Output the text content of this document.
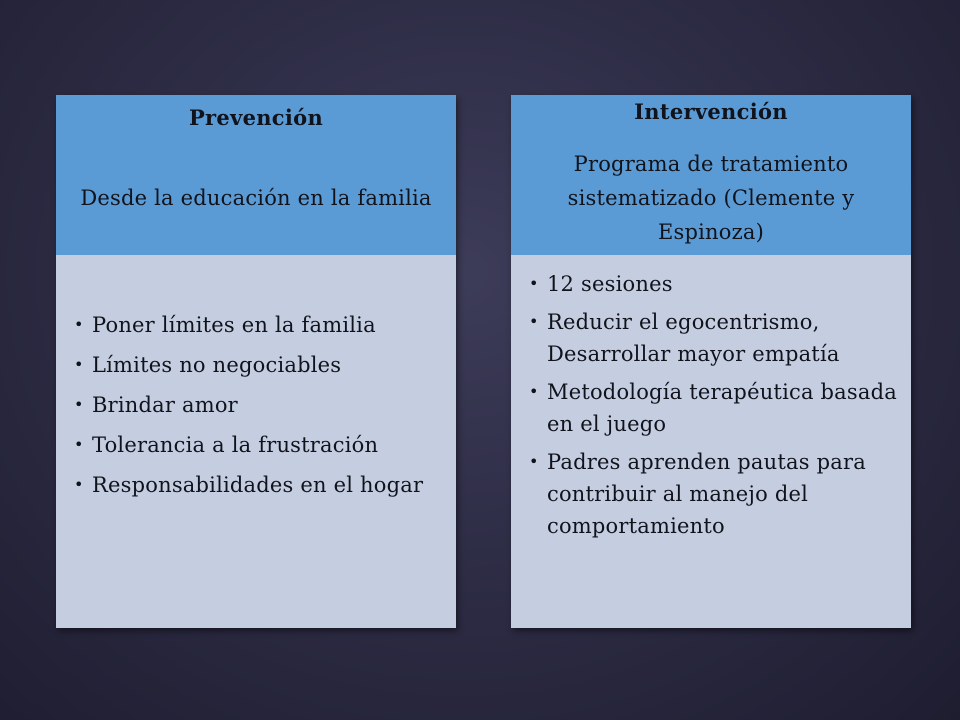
Prevención
Desde la educación en la familia
• Poner límites en la familia
• Límites no negociables
• Brindar amor
• Tolerancia a la frustración
• Responsabilidades en el hogar
Intervención
Programa de tratamiento sistematizado (Clemente y Espinoza)
• 12 sesiones
• Reducir el egocentrismo, Desarrollar mayor empatía
• Metodología terapéutica basada en el juego
• Padres aprenden pautas para contribuir al manejo del comportamiento
